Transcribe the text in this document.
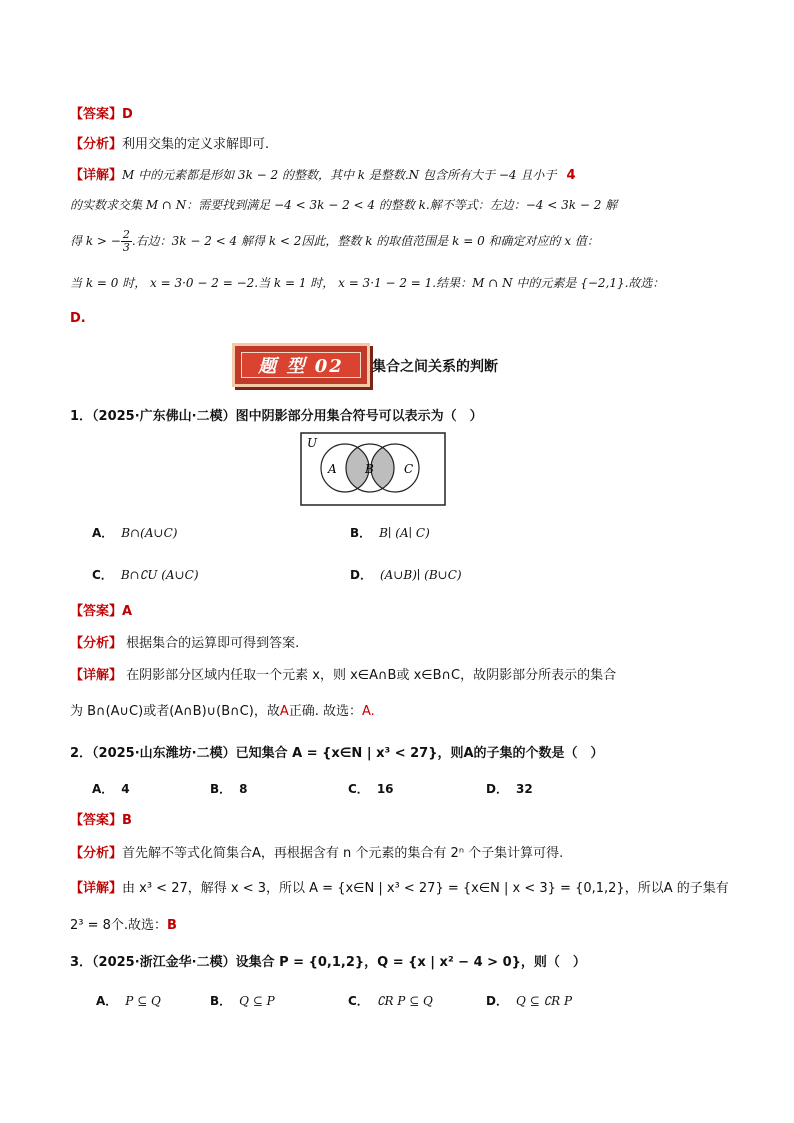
【答案】D
【分析】利用交集的定义求解即可.
【详解】M 中的元素都是形如 3k − 2 的整数，其中 k 是整数.N 包含所有大于 −4 且小于 4
的实数求交集 M ∩ N：需要找到满足 −4 < 3k − 2 < 4 的整数 k.解不等式：左边：−4 < 3k − 2 解
得 k > − $\frac{2}{3}$ .右边：3k − 2 < 4 解得 k < 2因此，整数 k 的取值范围是 k = 0 和确定对应的 x 值：
当 k = 0 时， x = 3·0 − 2 = −2.当 k = 1 时， x = 3·1 − 2 = 1.结果：M ∩ N 中的元素是 {−2,1}.故选：
D.
题 型 02	集合之间关系的判断
1．（2025·广东佛山·二模）图中阴影部分用集合符号可以表示为（　）
U
A B	C
A． B∩(A∪C)	B． B∣ (A∣ C)
C． B∩∁U (A∪C)	D． (A∪B)∣ (B∪C)
【答案】A
【分析】 根据集合的运算即可得到答案.
【详解】 在阴影部分区域内任取一个元素 x，则 x∈A∩B或 x∈B∩C，故阴影部分所表示的集合
为 B∩(A∪C)或者(A∩B)∪(B∩C)，故A正确. 故选：A.
2．（2025·山东潍坊·二模）已知集合 A = {x∈N | x³ < 27}，则A的子集的个数是（　）
A． 4	B． 8	C． 16	D． 32
【答案】B
【分析】首先解不等式化简集合A，再根据含有 n 个元素的集合有 2ⁿ 个子集计算可得.
【详解】由 x³ < 27，解得 x < 3，所以 A = {x∈N | x³ < 27} = {x∈N | x < 3} = {0,1,2}，所以A 的子集有
2³ = 8个.故选：B
3．（2025·浙江金华·二模）设集合 P = {0,1,2}，Q = {x | x² − 4 > 0}，则（　）
A． P ⊆ Q	B． Q ⊆ P	C． ∁R P ⊆ Q	D． Q ⊆ ∁R P
